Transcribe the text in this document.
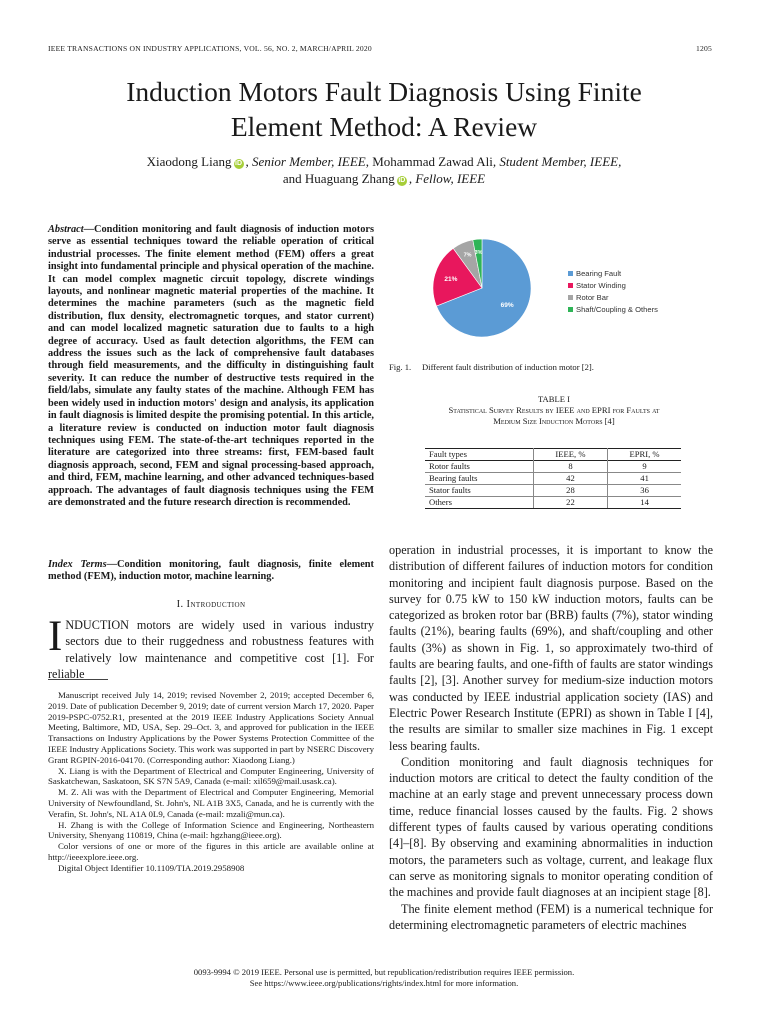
IEEE TRANSACTIONS ON INDUSTRY APPLICATIONS, VOL. 56, NO. 2, MARCH/APRIL 2020	1205
Induction Motors Fault Diagnosis Using Finite
Element Method: A Review
Xiaodong Liang iD , Senior Member, IEEE, Mohammad Zawad Ali, Student Member, IEEE,
and Huaguang Zhang iD , Fellow, IEEE
Abstract—Condition monitoring and fault diagnosis of induction motors serve as essential techniques toward the reliable operation of critical industrial processes. The finite element method (FEM) offers a great insight into fundamental principle and physical operation of the machine. It can model complex magnetic circuit topology, discrete windings layouts, and nonlinear magnetic material properties of the machine. It determines the machine parameters (such as the magnetic field distribution, flux density, electromagnetic torques, and stator current) and can model localized magnetic saturation due to faults to a high degree of accuracy. Used as fault detection algorithms, the FEM can address the issues such as the lack of comprehensive fault databases through field measurements, and the difficulty in distinguishing fault severity. It can reduce the number of destructive tests required in the field/labs, simulate any faulty states of the machine. Although FEM has been widely used in induction motors' design and analysis, its application in fault diagnosis is limited despite the promising potential. In this article, a literature review is conducted on induction motor fault diagnosis techniques using FEM. The state-of-the-art techniques reported in the literature are categorized into three streams: first, FEM-based fault diagnosis approach, second, FEM and signal processing-based approach, and third, FEM, machine learning, and other advanced techniques-based approach. The advantages of fault diagnosis techniques using the FEM are demonstrated and the future research direction is recommended.
Index Terms—Condition monitoring, fault diagnosis, finite element method (FEM), induction motor, machine learning.
I. Introduction
INDUCTION motors are widely used in various industry sectors due to their ruggedness and robustness features with relatively low maintenance and competitive cost [1]. For reliable

Manuscript received July 14, 2019; revised November 2, 2019; accepted December 6, 2019. Date of publication December 9, 2019; date of current version March 17, 2020. Paper 2019-PSPC-0752.R1, presented at the 2019 IEEE Industry Applications Society Annual Meeting, Baltimore, MD, USA, Sep. 29–Oct. 3, and approved for publication in the IEEE Transactions on Industry Applications by the Power Systems Protection Committee of the IEEE Industry Applications Society. This work was supported in part by NSERC Discovery Grant RGPIN-2016-04170. (Corresponding author: Xiaodong Liang.)

X. Liang is with the Department of Electrical and Computer Engineering, University of Saskatchewan, Saskatoon, SK S7N 5A9, Canada (e-mail: xil659@mail.usask.ca).

M. Z. Ali was with the Department of Electrical and Computer Engineering, Memorial University of Newfoundland, St. John's, NL A1B 3X5, Canada, and he is currently with the Verafin, St. John's, NL A1A 0L9, Canada (e-mail: mzali@mun.ca).

H. Zhang is with the College of Information Science and Engineering, Northeastern University, Shenyang 110819, China (e-mail: hgzhang@ieee.org).

Color versions of one or more of the figures in this article are available online at http://ieeexplore.ieee.org.

Digital Object Identifier 10.1109/TIA.2019.2958908

69%
21%
7% 3%
Bearing Fault
Stator Winding
Rotor Bar
Shaft/Coupling & Others
Fig. 1. Different fault distribution of induction motor [2].
TABLE I
Statistical Survey Results by IEEE and EPRI for Faults at
Medium Size Induction Motors [4]
Fault types	IEEE, %	EPRI, %
Rotor faults	8	9
Bearing faults	42	41
Stator faults	28	36
Others	22	14

operation in industrial processes, it is important to know the distribution of different failures of induction motors for condition monitoring and incipient fault diagnosis purpose. Based on the survey for 0.75 kW to 150 kW induction motors, faults can be categorized as broken rotor bar (BRB) faults (7%), stator winding faults (21%), bearing faults (69%), and shaft/coupling and other faults (3%) as shown in Fig. 1, so approximately two-third of faults are bearing faults, and one-fifth of faults are stator windings faults [2], [3]. Another survey for medium-size induction motors was conducted by IEEE industrial application society (IAS) and Electric Power Research Institute (EPRI) as shown in Table I [4], the results are similar to smaller size machines in Fig. 1 except less bearing faults.

Condition monitoring and fault diagnosis techniques for induction motors are critical to detect the faulty condition of the machine at an early stage and prevent unnecessary process down time, reduce financial losses caused by the faults. Fig. 2 shows different types of faults caused by various operating conditions [4]–[8]. By observing and examining abnormalities in induction motors, the parameters such as voltage, current, and leakage flux can serve as monitoring signals to monitor operating condition of the machines and provide fault diagnoses at an incipient stage [8].

The finite element method (FEM) is a numerical technique for determining electromagnetic parameters of electric machines

0093-9994 © 2019 IEEE. Personal use is permitted, but republication/redistribution requires IEEE permission.
See https://www.ieee.org/publications/rights/index.html for more information.
